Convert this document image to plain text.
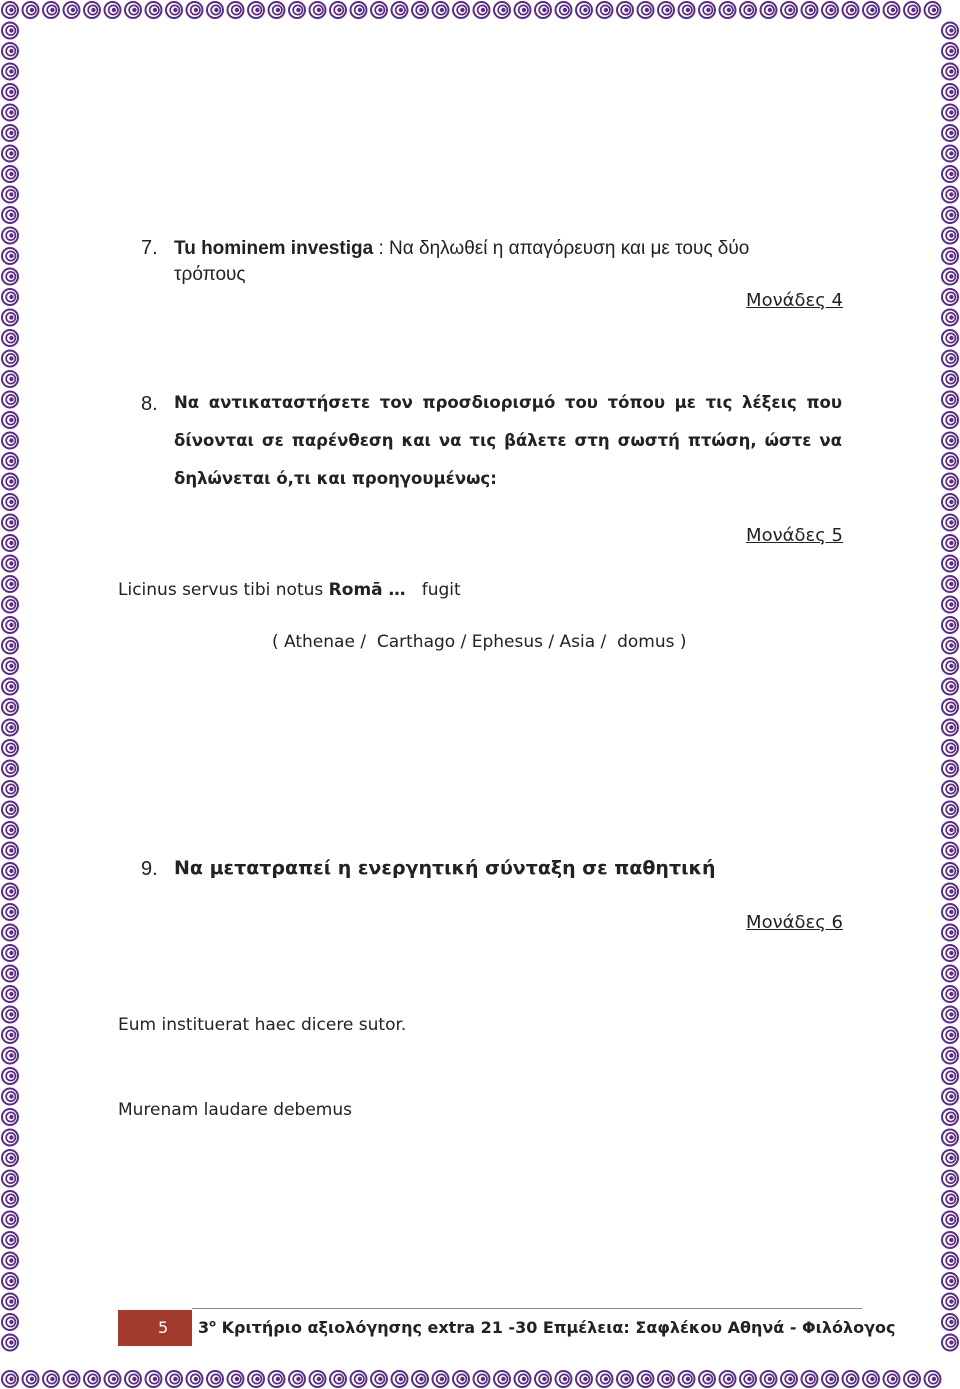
7. Tu hominem investiga : Να δηλωθεί η απαγόρευση και με τους δύο
τρόπους
Μονάδες 4
8. Να αντικαταστήσετε τον προσδιορισμό του τόπου με τις λέξεις που
δίνονται σε παρένθεση και να τις βάλετε στη σωστή πτώση, ώστε να
δηλώνεται ό,τι και προηγουμένως:
Μονάδες 5
Licinus servus tibi notus Romā …   fugit
( Athenae /  Carthago / Ephesus / Asia /  domus )
9. Να μετατραπεί η ενεργητική σύνταξη σε παθητική
Μονάδες 6
Eum instituerat haec dicere sutor.
Murenam laudare debemus
5 $3^o$ Κριτήριο αξιολόγησης extra 21 -30 Επμέλεια: Σαφλέκου Αθηνά - Φιλόλογος
